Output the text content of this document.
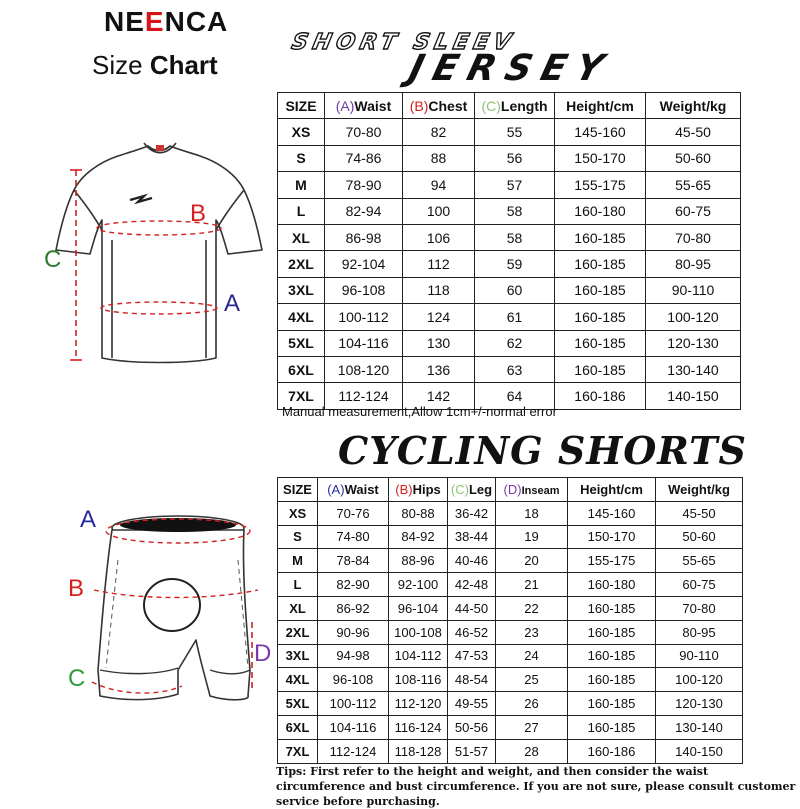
NEENCA
Size Chart
SHORT SLEEV
JERSEY
B
A
C
SIZE	(A)Waist	(B)Chest	(C)Length	Height/cm	Weight/kg
XS	70-80	82	55	145-160	45-50
S	74-86	88	56	150-170	50-60
M	78-90	94	57	155-175	55-65
L	82-94	100	58	160-180	60-75
XL	86-98	106	58	160-185	70-80
2XL	92-104	112	59	160-185	80-95
3XL	96-108	118	60	160-185	90-110
4XL	100-112	124	61	160-185	100-120
5XL	104-116	130	62	160-185	120-130
6XL	108-120	136	63	160-185	130-140
7XL	112-124	142	64	160-186	140-150
Manual measurement,Allow 1cm+/-normal error
CYCLING SHORTS
A
B
C
D
SIZE	(A)Waist	(B)Hips	(C)Leg	(D)Inseam	Height/cm	Weight/kg
XS	70-76	80-88	36-42	18	145-160	45-50
S	74-80	84-92	38-44	19	150-170	50-60
M	78-84	88-96	40-46	20	155-175	55-65
L	82-90	92-100	42-48	21	160-180	60-75
XL	86-92	96-104	44-50	22	160-185	70-80
2XL	90-96	100-108	46-52	23	160-185	80-95
3XL	94-98	104-112	47-53	24	160-185	90-110
4XL	96-108	108-116	48-54	25	160-185	100-120
5XL	100-112	112-120	49-55	26	160-185	120-130
6XL	104-116	116-124	50-56	27	160-185	130-140
7XL	112-124	118-128	51-57	28	160-186	140-150
Tips: First refer to the height and weight, and then consider the waist circumference and bust circumference. If you are not sure, please consult customer service before purchasing.
